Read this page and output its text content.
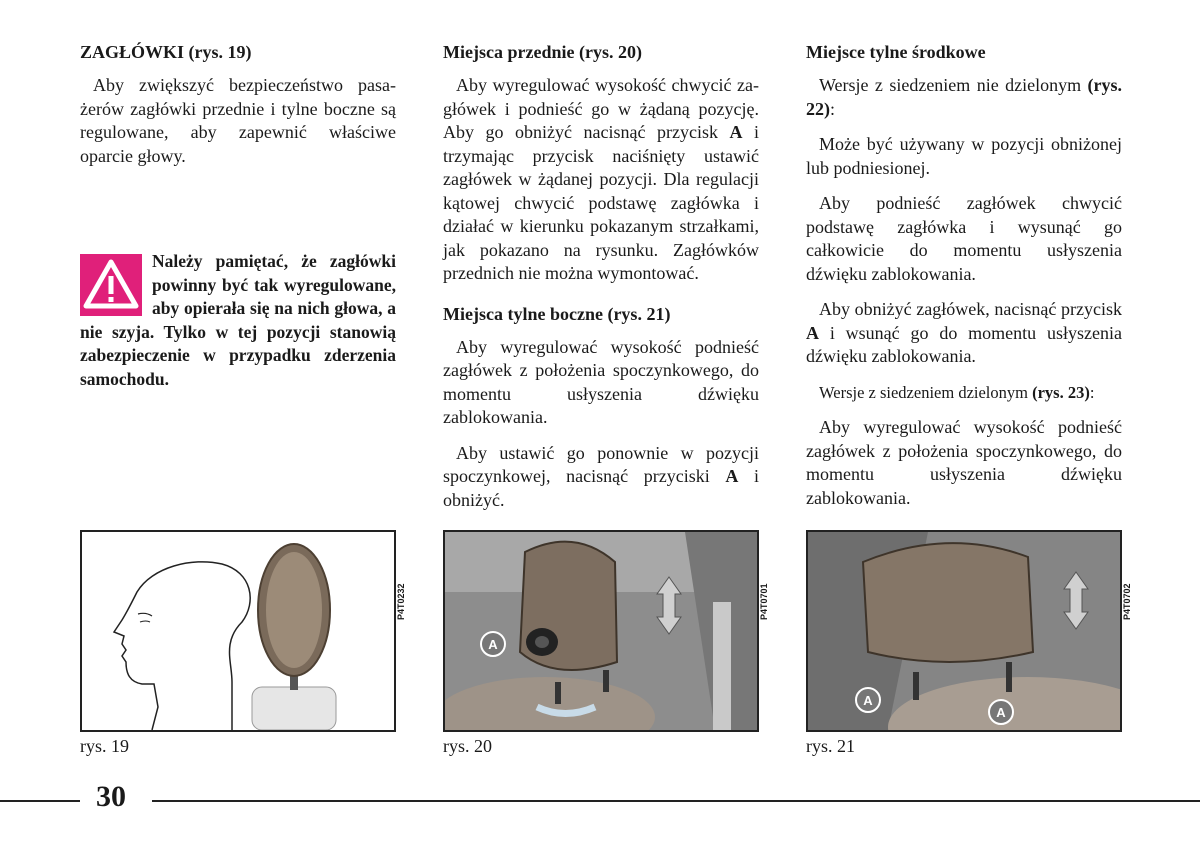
ZAGŁÓWKI (rys. 19)

Aby zwiększyć bezpieczeństwo pasa- żerów zagłówki przednie i tylne boczne są regulowane, aby zapewnić właściwe oparcie głowy.

Należy pamiętać, że zagłówki powinny być tak wyregulowane, aby opierała się na nich głowa, a nie szyja. Tylko w tej pozycji stanowią zabezpieczenie w przypadku zderzenia samochodu.
Miejsca przednie (rys. 20)

Aby wyregulować wysokość chwycić za- główek i podnieść go w żądaną pozycję. Aby go obniżyć nacisnąć przycisk A i trzymając przycisk naciśnięty ustawić zagłówek w żądanej pozycji. Dla regulacji kątowej chwycić podstawę zagłówka i działać w kierunku pokazanym strzałkami, jak pokazano na rysunku. Zagłówków przednich nie można wymontować.

Miejsca tylne boczne (rys. 21)

Aby wyregulować wysokość podnieść zagłówek z położenia spoczynkowego, do momentu usłyszenia dźwięku zablokowania.

Aby ustawić go ponownie w pozycji spoczynkowej, nacisnąć przyciski A i obniżyć.

Miejsce tylne środkowe

Wersje z siedzeniem nie dzielonym (rys. 22):

Może być używany w pozycji obniżonej lub podniesionej.

Aby podnieść zagłówek chwycić podstawę zagłówka i wysunąć go całkowicie do momentu usłyszenia dźwięku zablokowania.

Aby obniżyć zagłówek, nacisnąć przycisk A i wsunąć go do momentu usłyszenia dźwięku zablokowania.

Wersje z siedzeniem dzielonym (rys. 23):

Aby wyregulować wysokość podnieść zagłówek z położenia spoczynkowego, do momentu usłyszenia dźwięku zablokowania.

P4T0232
rys. 19
A
P4T0701
rys. 20
A
A
P4T0702
rys. 21
30
